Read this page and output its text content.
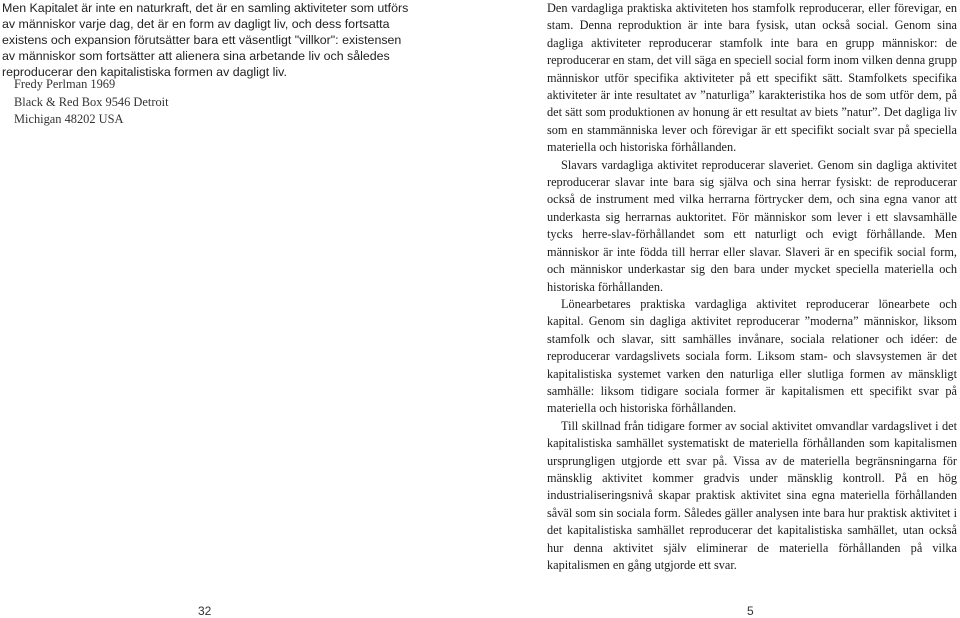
Men Kapitalet är inte en naturkraft, det är en samling aktiviteter som utförs av människor varje dag, det är en form av dagligt liv, och dess fortsatta existens och expansion förutsätter bara ett väsentligt "villkor": existensen av människor som fortsätter att alienera sina arbetande liv och således reproducerar den kapitalistiska formen av dagligt liv.

Fredy Perlman 1969
Black & Red Box 9546 Detroit
Michigan 48202 USA
32

Den vardagliga praktiska aktiviteten hos stamfolk reproducerar, eller förevigar, en stam. Denna reproduktion är inte bara fysisk, utan också social. Genom sina dagliga aktiviteter reproducerar stamfolk inte bara en grupp människor: de reproducerar en stam, det vill säga en speciell social form inom vilken denna grupp människor utför specifika aktiviteter på ett specifikt sätt. Stamfolkets specifika aktiviteter är inte resultatet av ”naturliga” karakteristika hos de som utför dem, på det sätt som produktionen av honung är ett resultat av biets ”natur”. Det dagliga liv som en stammänniska lever och förevigar är ett specifikt socialt svar på speciella materiella och historiska förhållanden.

Slavars vardagliga aktivitet reproducerar slaveriet. Genom sin dagliga aktivitet reproducerar slavar inte bara sig själva och sina herrar fysiskt: de reproducerar också de instrument med vilka herrarna förtrycker dem, och sina egna vanor att underkasta sig herrarnas auktoritet. För människor som lever i ett slavsamhälle tycks herre-slav-förhållandet som ett naturligt och evigt förhållande. Men människor är inte födda till herrar eller slavar. Slaveri är en specifik social form, och människor underkastar sig den bara under mycket speciella materiella och historiska förhållanden.

Lönearbetares praktiska vardagliga aktivitet reproducerar lönearbete och kapital. Genom sin dagliga aktivitet reproducerar ”moderna” människor, liksom stamfolk och slavar, sitt samhälles invånare, sociala relationer och idéer: de reproducerar vardagslivets sociala form. Liksom stam- och slavsystemen är det kapitalistiska systemet varken den naturliga eller slutliga formen av mänskligt samhälle: liksom tidigare sociala former är kapitalismen ett specifikt svar på materiella och historiska förhållanden.

Till skillnad från tidigare former av social aktivitet omvandlar vardagslivet i det kapitalistiska samhället systematiskt de materiella förhållanden som kapitalismen ursprungligen utgjorde ett svar på. Vissa av de materiella begränsningarna för mänsklig aktivitet kommer gradvis under mänsklig kontroll. På en hög industrialiseringsnivå skapar praktisk aktivitet sina egna materiella förhållanden såväl som sin sociala form. Således gäller analysen inte bara hur praktisk aktivitet i det kapitalistiska samhället reproducerar det kapitalistiska samhället, utan också hur denna aktivitet själv eliminerar de materiella förhållanden på vilka kapitalismen en gång utgjorde ett svar.

5
